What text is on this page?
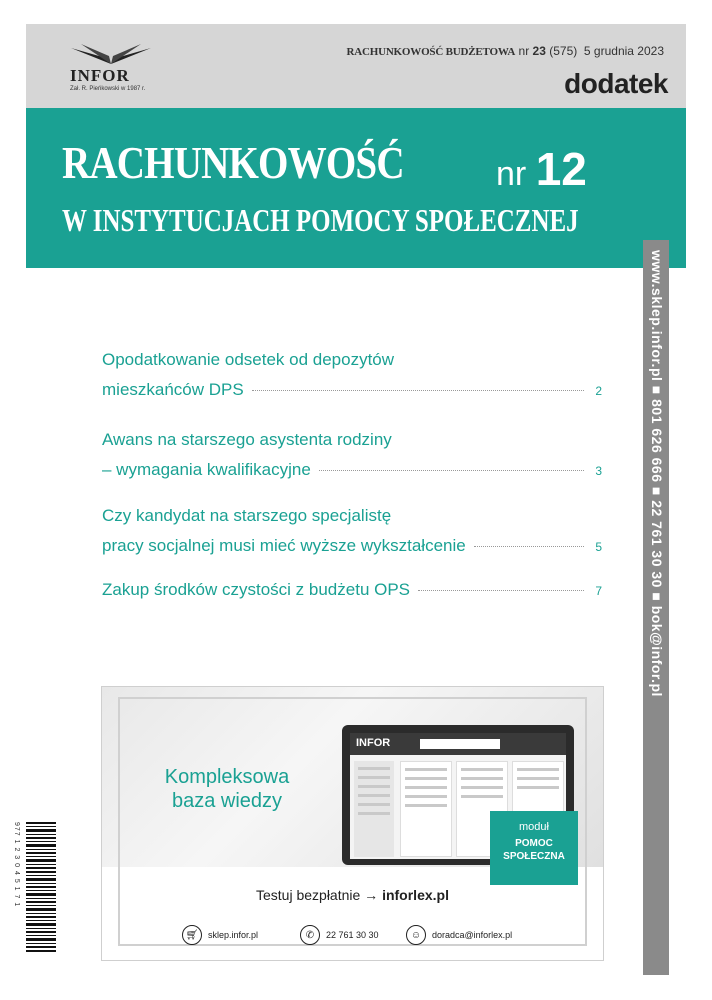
INFOR
Zał. R. Pieńkowski w 1987 r.
RACHUNKOWOŚĆ BUDŻETOWA nr 23 (575) 5 grudnia 2023
dodatek
RACHUNKOWOŚĆ	nr 12
W INSTYTUCJACH POMOCY SPOŁECZNEJ
www.sklep.infor.pl ■ 801 626 666 ■ 22 761 30 30 ■ bok@infor.pl
Opodatkowanie odsetek od depozytów
mieszkańców DPS	2
Awans na starszego asystenta rodziny
– wymagania kwalifikacyjne	3
Czy kandydat na starszego specjalistę
pracy socjalnej musi mieć wyższe wykształcenie	5
Zakup środków czystości z budżetu OPS	7
Kompleksowa
baza wiedzy
INFOR
moduł
POMOC
SPOŁECZNA
Testuj bezpłatnie → inforlex.pl
🛒︎	sklep.infor.pl	✆	22 761 30 30	☺	doradca@inforlex.pl
977 1 2 3 0 4 5 1 7 1
